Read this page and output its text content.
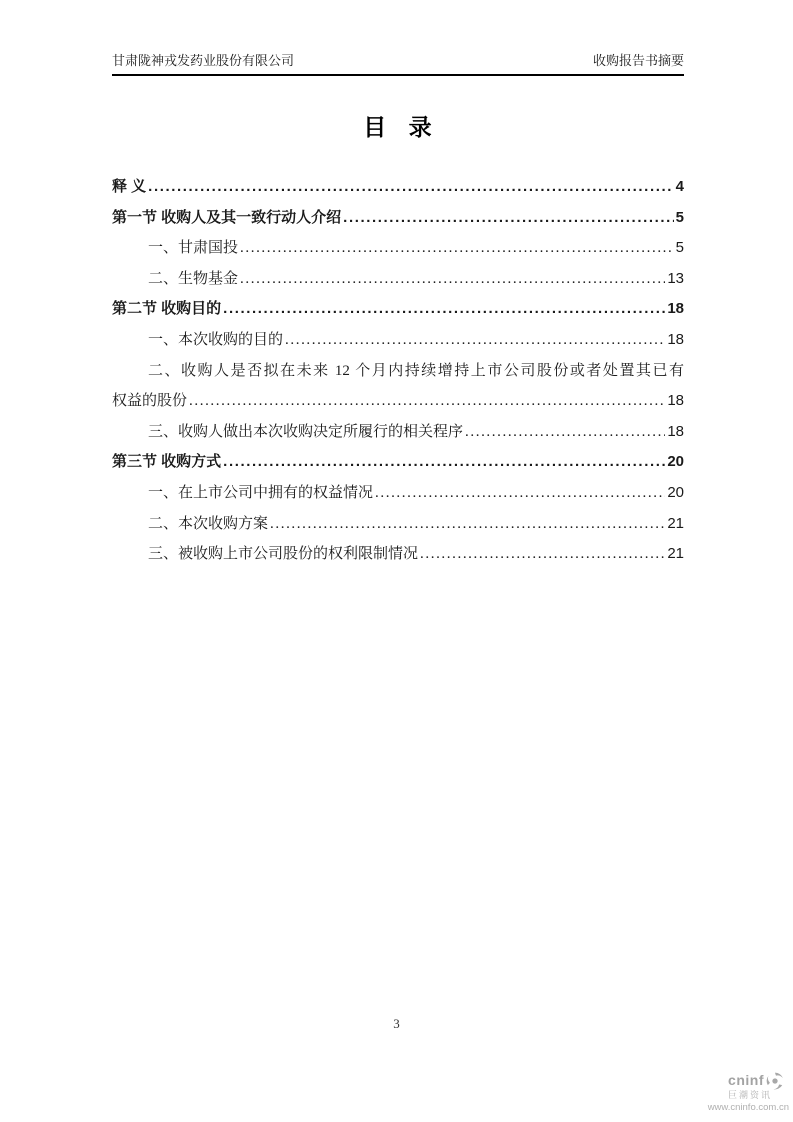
甘肃陇神戎发药业股份有限公司	收购报告书摘要
目 录
释 义 .....	4
第一节 收购人及其一致行动人介绍 .....	5
一、甘肃国投 .....	5
二、生物基金 .....	13
第二节 收购目的 .....	18
一、本次收购的目的 .....	18
二、收购人是否拟在未来 12 个月内持续增持上市公司股份或者处置其已有
权益的股份 .....	18
三、收购人做出本次收购决定所履行的相关程序 .....	18
第三节 收购方式 .....	20
一、在上市公司中拥有的权益情况 .....	20
二、本次收购方案 .....	21
三、被收购上市公司股份的权利限制情况 .....	21
3
cninf
巨潮资讯
www.cninfo.com.cn
